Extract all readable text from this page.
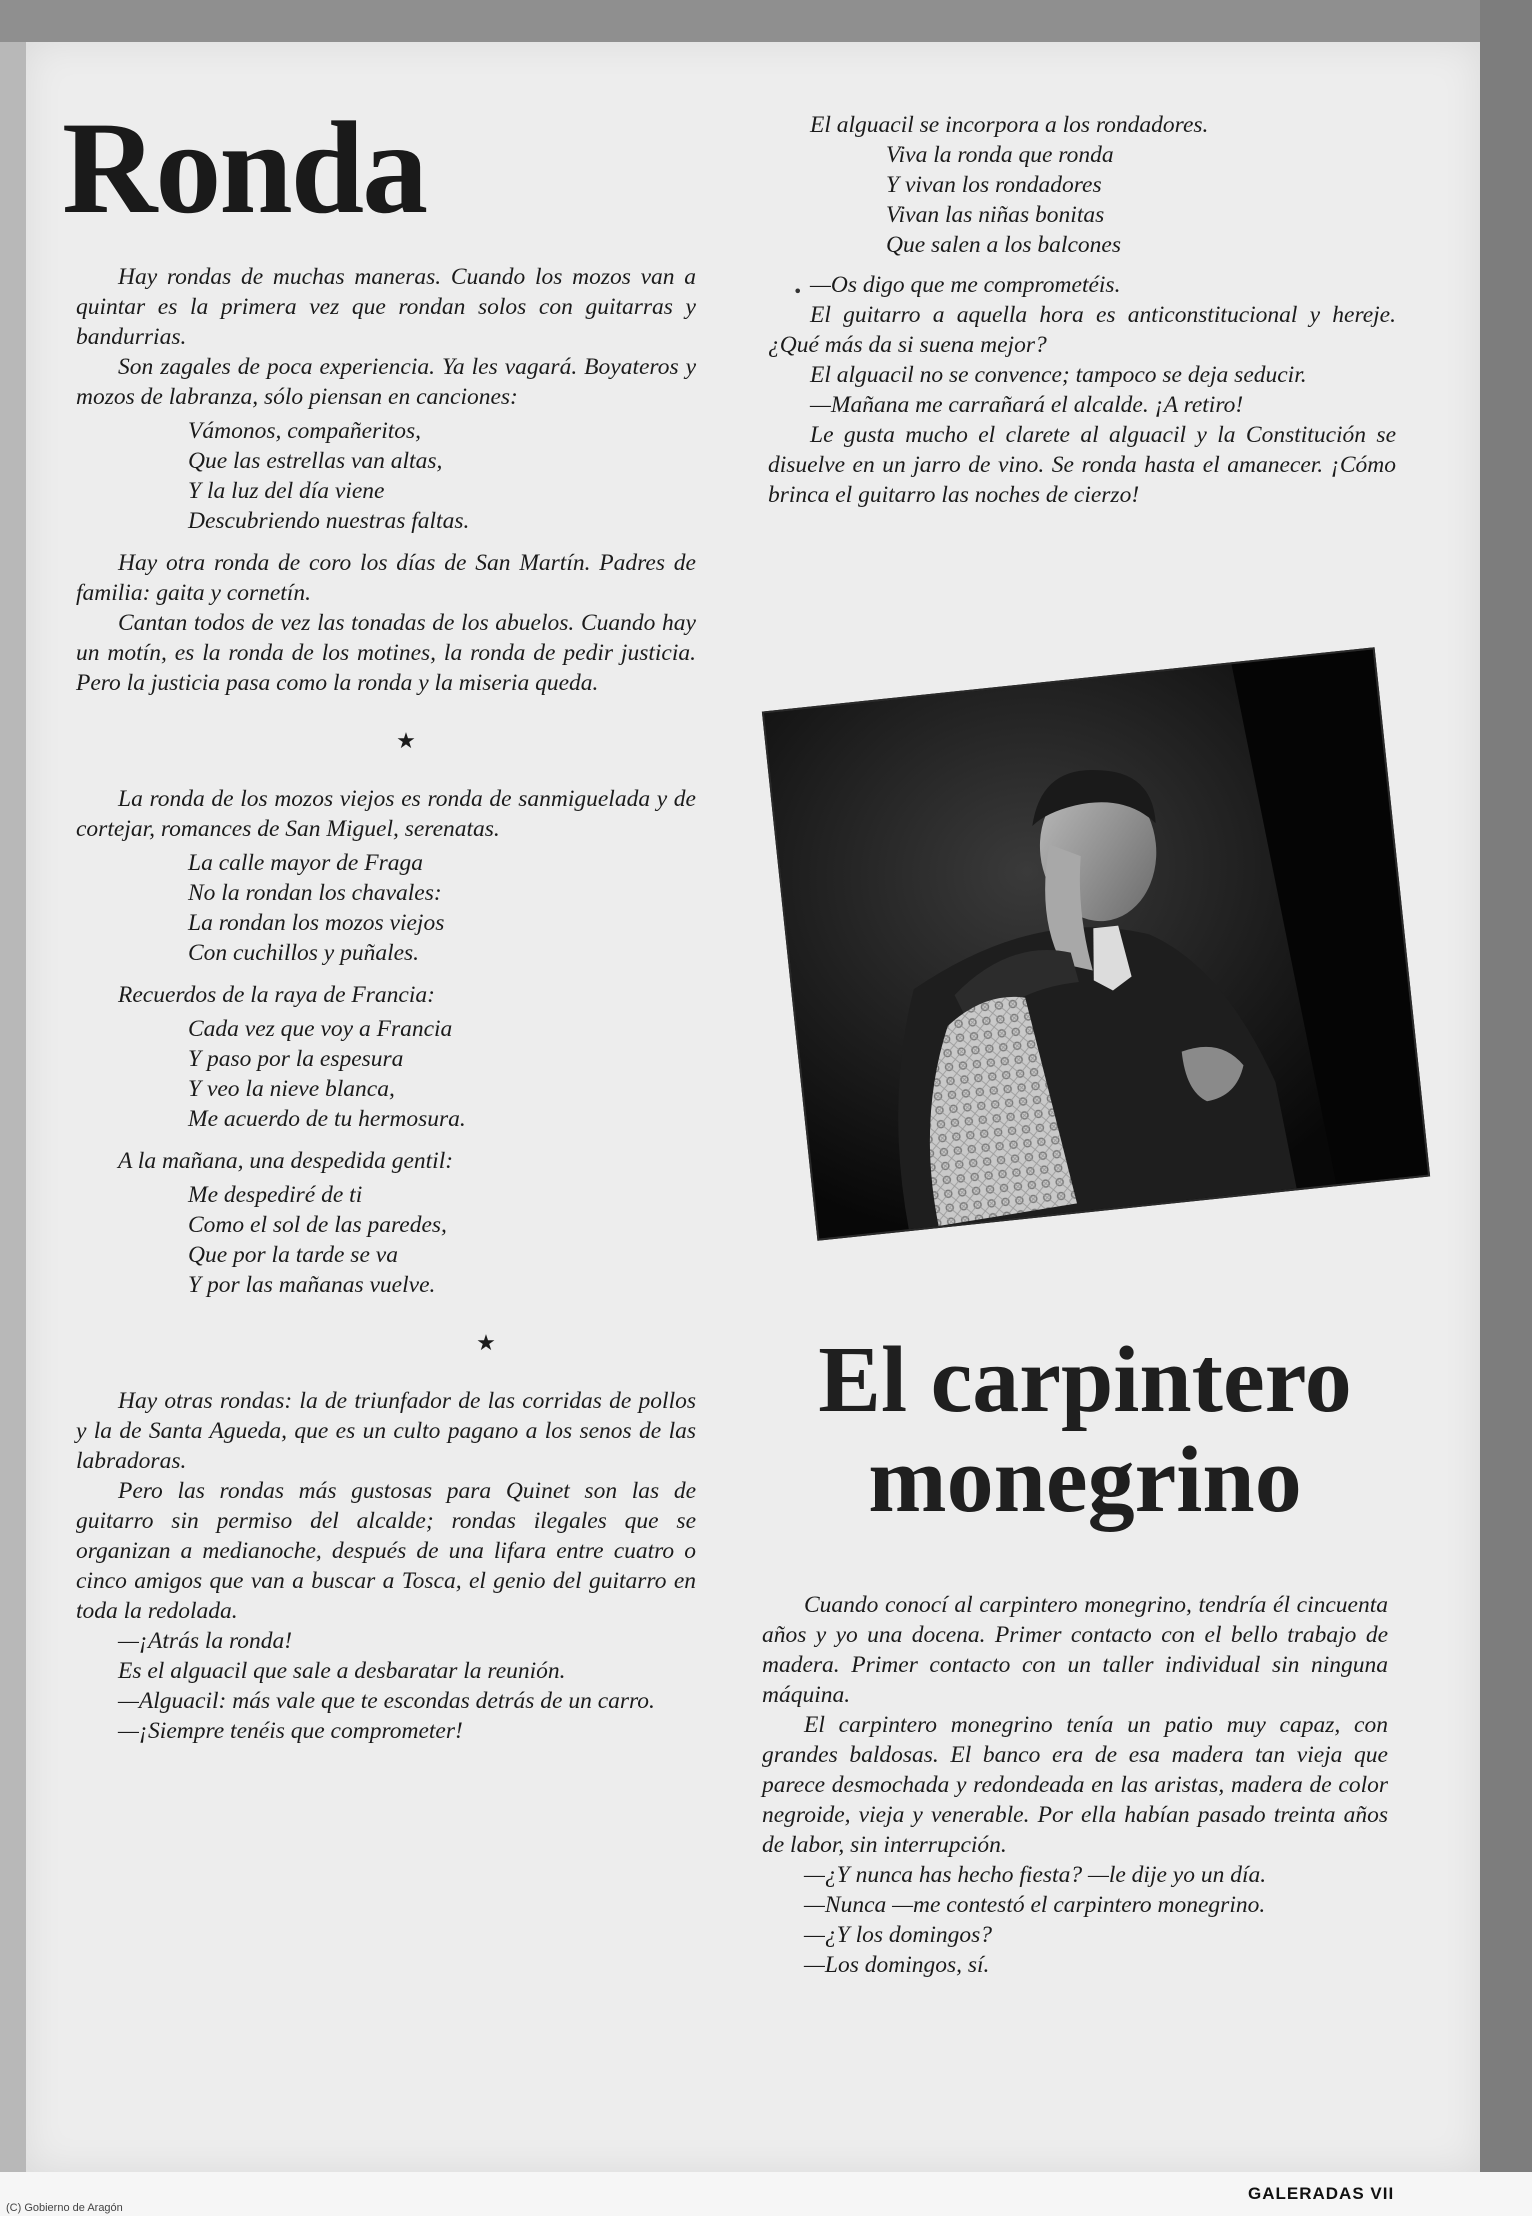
Ronda

Hay rondas de muchas maneras. Cuando los mozos van a quintar es la primera vez que rondan solos con guitarras y bandurrias.

Son zagales de poca experiencia. Ya les vagará. Boyateros y mozos de labranza, sólo piensan en canciones:

Vámonos, compañeritos,
Que las estrellas van altas,
Y la luz del día viene
Descubriendo nuestras faltas.

Hay otra ronda de coro los días de San Martín. Padres de familia: gaita y cornetín.

Cantan todos de vez las tonadas de los abuelos. Cuando hay un motín, es la ronda de los motines, la ronda de pedir justicia. Pero la justicia pasa como la ronda y la miseria queda.

★

La ronda de los mozos viejos es ronda de sanmiguelada y de cortejar, romances de San Miguel, serenatas.

La calle mayor de Fraga
No la rondan los chavales:
La rondan los mozos viejos
Con cuchillos y puñales.

Recuerdos de la raya de Francia:

Cada vez que voy a Francia
Y paso por la espesura
Y veo la nieve blanca,
Me acuerdo de tu hermosura.

A la mañana, una despedida gentil:

Me despediré de ti
Como el sol de las paredes,
Que por la tarde se va
Y por las mañanas vuelve.
★

Hay otras rondas: la de triunfador de las corridas de pollos y la de Santa Agueda, que es un culto pagano a los senos de las labradoras.

Pero las rondas más gustosas para Quinet son las de guitarro sin permiso del alcalde; rondas ilegales que se organizan a medianoche, después de una lifara entre cuatro o cinco amigos que van a buscar a Tosca, el genio del guitarro en toda la redolada.

—¡Atrás la ronda!

Es el alguacil que sale a desbaratar la reunión.

—Alguacil: más vale que te escondas detrás de un carro.

—¡Siempre tenéis que comprometer!

El alguacil se incorpora a los rondadores.

Viva la ronda que ronda
Y vivan los rondadores
Vivan las niñas bonitas
Que salen a los balcones

—Os digo que me comprometéis.

El guitarro a aquella hora es anticonstitucional y hereje. ¿Qué más da si suena mejor?

El alguacil no se convence; tampoco se deja seducir.

—Mañana me carrañará el alcalde. ¡A retiro!

Le gusta mucho el clarete al alguacil y la Constitución se disuelve en un jarro de vino. Se ronda hasta el amanecer. ¡Cómo brinca el guitarro las noches de cierzo!

•
El carpintero
monegrino

Cuando conocí al carpintero monegrino, tendría él cincuenta años y yo una docena. Primer contacto con el bello trabajo de madera. Primer contacto con un taller individual sin ninguna máquina.

El carpintero monegrino tenía un patio muy capaz, con grandes baldosas. El banco era de esa madera tan vieja que parece desmochada y redondeada en las aristas, madera de color negroide, vieja y venerable. Por ella habían pasado treinta años de labor, sin interrupción.

—¿Y nunca has hecho fiesta? —le dije yo un día.

—Nunca —me contestó el carpintero monegrino.

—¿Y los domingos?

—Los domingos, sí.

GALERADAS VII
(C) Gobierno de Aragón
